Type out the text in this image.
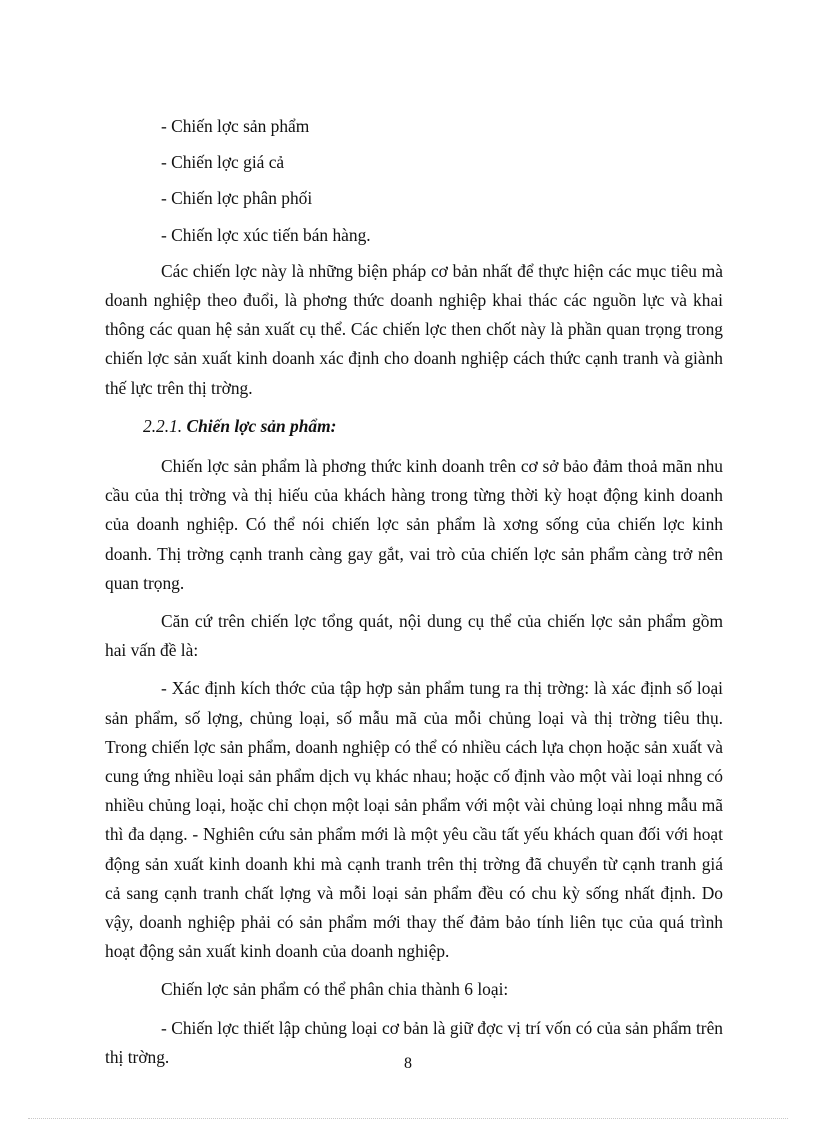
- Chiến lợc sản phẩm
- Chiến lợc giá cả
- Chiến lợc phân phối
- Chiến lợc xúc tiến bán hàng.

Các chiến lợc này là những biện pháp cơ bản nhất để thực hiện các mục tiêu mà doanh nghiệp theo đuổi, là phơng thức doanh nghiệp khai thác các nguồn lực và khai thông các quan hệ sản xuất cụ thể. Các chiến lợc then chốt này là phần quan trọng trong chiến lợc sản xuất kinh doanh xác định cho doanh nghiệp cách thức cạnh tranh và giành thế lực trên thị trờng.

2.2.1. Chiến lợc sản phẩm:

Chiến lợc sản phẩm là phơng thức kinh doanh trên cơ sở bảo đảm thoả mãn nhu cầu của thị trờng và thị hiếu của khách hàng trong từng thời kỳ hoạt động kinh doanh của doanh nghiệp. Có thể nói chiến lợc sản phẩm là xơng sống của chiến lợc kinh doanh. Thị trờng cạnh tranh càng gay gắt, vai trò của chiến lợc sản phẩm càng trở nên quan trọng.

Căn cứ trên chiến lợc tổng quát, nội dung cụ thể của chiến lợc sản phẩm gồm hai vấn đề là:

- Xác định kích thớc của tập hợp sản phẩm tung ra thị trờng: là xác định số loại sản phẩm, số lợng, chủng loại, số mẫu mã của mỗi chủng loại và thị trờng tiêu thụ. Trong chiến lợc sản phẩm, doanh nghiệp có thể có nhiều cách lựa chọn hoặc sản xuất và cung ứng nhiều loại sản phẩm dịch vụ khác nhau; hoặc cố định vào một vài loại nhng có nhiều chủng loại, hoặc chỉ chọn một loại sản phẩm với một vài chủng loại nhng mẫu mã thì đa dạng. - Nghiên cứu sản phẩm mới là một yêu cầu tất yếu khách quan đối với hoạt động sản xuất kinh doanh khi mà cạnh tranh trên thị trờng đã chuyển từ cạnh tranh giá cả sang cạnh tranh chất lợng và mỗi loại sản phẩm đều có chu kỳ sống nhất định. Do vậy, doanh nghiệp phải có sản phẩm mới thay thế đảm bảo tính liên tục của quá trình hoạt động sản xuất kinh doanh của doanh nghiệp.

Chiến lợc sản phẩm có thể phân chia thành 6 loại:

- Chiến lợc thiết lập chủng loại cơ bản là giữ đợc vị trí vốn có của sản phẩm trên thị trờng.	8
